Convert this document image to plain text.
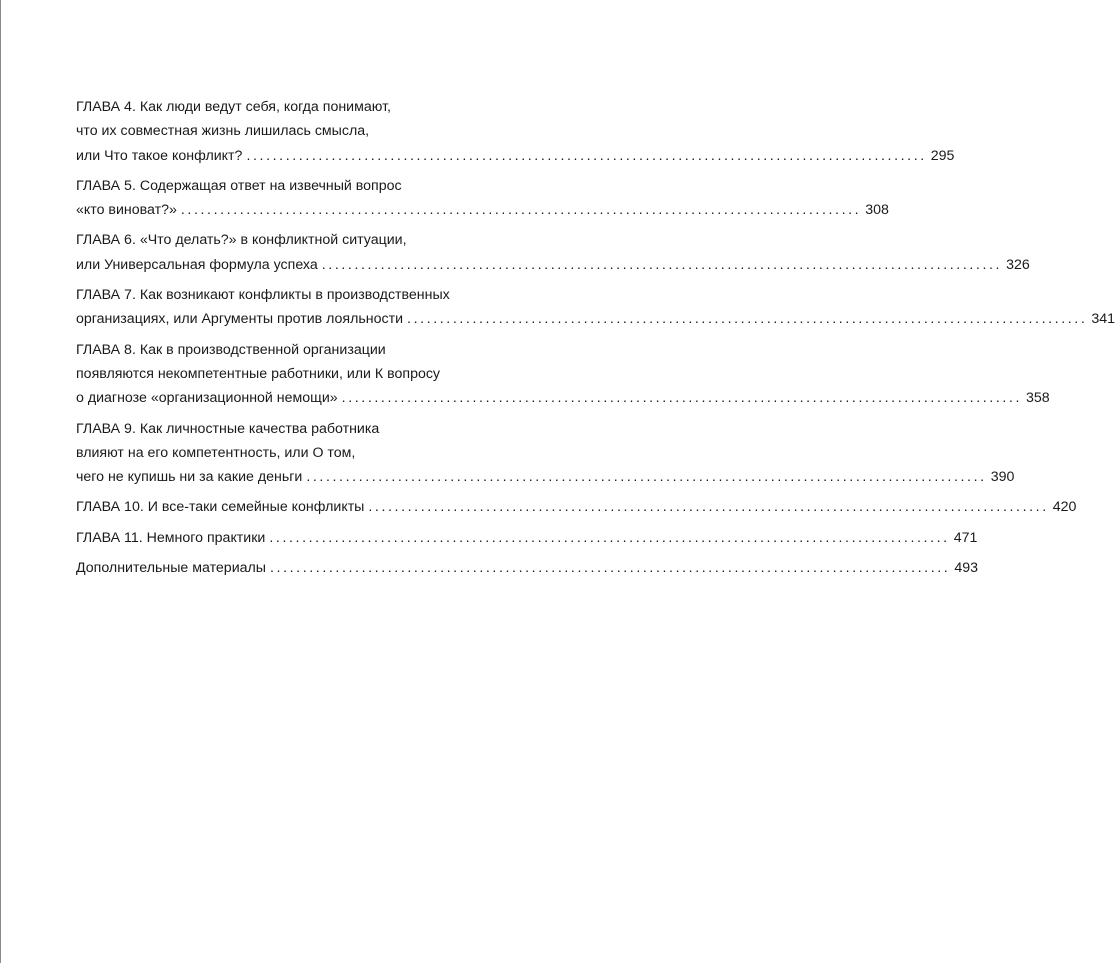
ГЛАВА 4. Как люди ведут себя, когда понимают,
что их совместная жизнь лишилась смысла,
или Что такое конфликт? ........................................................................................................ 295
ГЛАВА 5. Содержащая ответ на извечный вопрос
«кто виноват?» ........................................................................................................ 308
ГЛАВА 6. «Что делать?» в конфликтной ситуации,
или Универсальная формула успеха ........................................................................................................ 326
ГЛАВА 7. Как возникают конфликты в производственных
организациях, или Аргументы против лояльности ........................................................................................................ 341
ГЛАВА 8. Как в производственной организации
появляются некомпетентные работники, или К вопросу
о диагнозе «организационной немощи» ........................................................................................................ 358
ГЛАВА 9. Как личностные качества работника
влияют на его компетентность, или О том,
чего не купишь ни за какие деньги ........................................................................................................ 390
ГЛАВА 10. И все-таки семейные конфликты ........................................................................................................ 420
ГЛАВА 11. Немного практики ........................................................................................................ 471
Дополнительные материалы ........................................................................................................ 493
